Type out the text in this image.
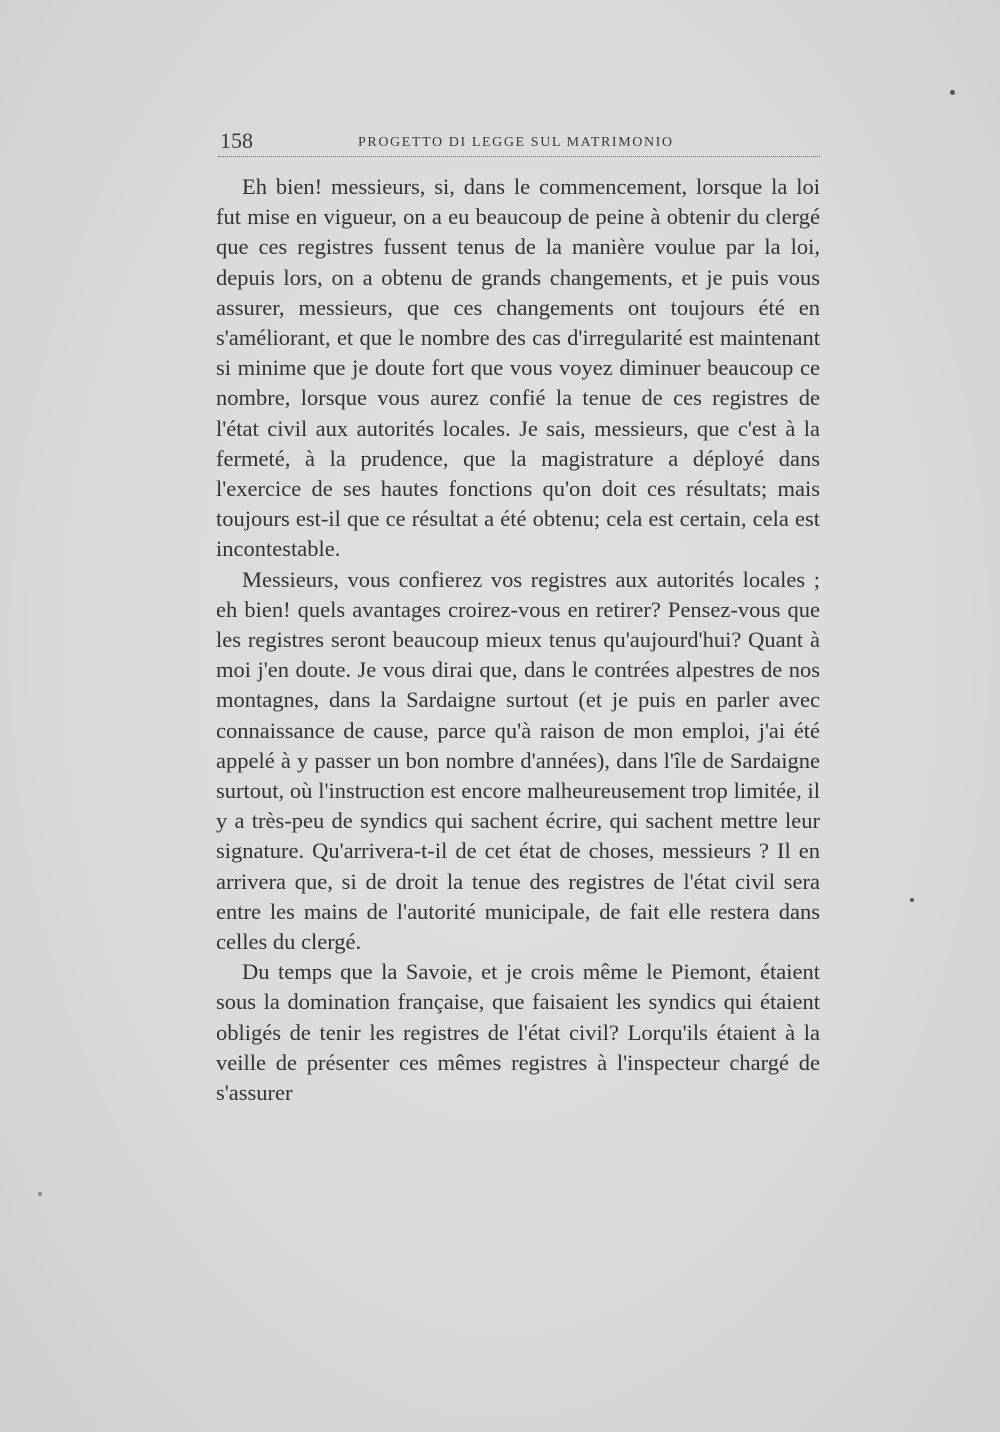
158	PROGETTO DI LEGGE SUL MATRIMONIO

Eh bien! messieurs, si, dans le commencement, lorsque la loi fut mise en vigueur, on a eu beaucoup de peine à obtenir du clergé que ces registres fussent tenus de la manière voulue par la loi, depuis lors, on a obtenu de grands changements, et je puis vous assurer, messieurs, que ces changements ont toujours été en s'améliorant, et que le nombre des cas d'irregularité est maintenant si minime que je doute fort que vous voyez diminuer beaucoup ce nombre, lorsque vous aurez confié la tenue de ces registres de l'état civil aux autorités locales. Je sais, messieurs, que c'est à la fermeté, à la prudence, que la magistrature a déployé dans l'exercice de ses hautes fonctions qu'on doit ces résultats; mais toujours est-il que ce résultat a été obtenu; cela est certain, cela est incontestable.

Messieurs, vous confierez vos registres aux autorités locales ; eh bien! quels avantages croirez-vous en retirer? Pensez-vous que les registres seront beaucoup mieux tenus qu'aujourd'hui? Quant à moi j'en doute. Je vous dirai que, dans le contrées alpestres de nos montagnes, dans la Sardaigne surtout (et je puis en parler avec connaissance de cause, parce qu'à raison de mon emploi, j'ai été appelé à y passer un bon nombre d'années), dans l'île de Sardaigne surtout, où l'instruction est encore malheureusement trop limitée, il y a très-peu de syndics qui sachent écrire, qui sachent mettre leur signature. Qu'arrivera-t-il de cet état de choses, messieurs ? Il en arrivera que, si de droit la tenue des registres de l'état civil sera entre les mains de l'autorité municipale, de fait elle restera dans celles du clergé.

Du temps que la Savoie, et je crois même le Piemont, étaient sous la domination française, que faisaient les syndics qui étaient obligés de tenir les registres de l'état civil? Lorqu'ils étaient à la veille de présenter ces mêmes registres à l'inspecteur chargé de s'assurer
